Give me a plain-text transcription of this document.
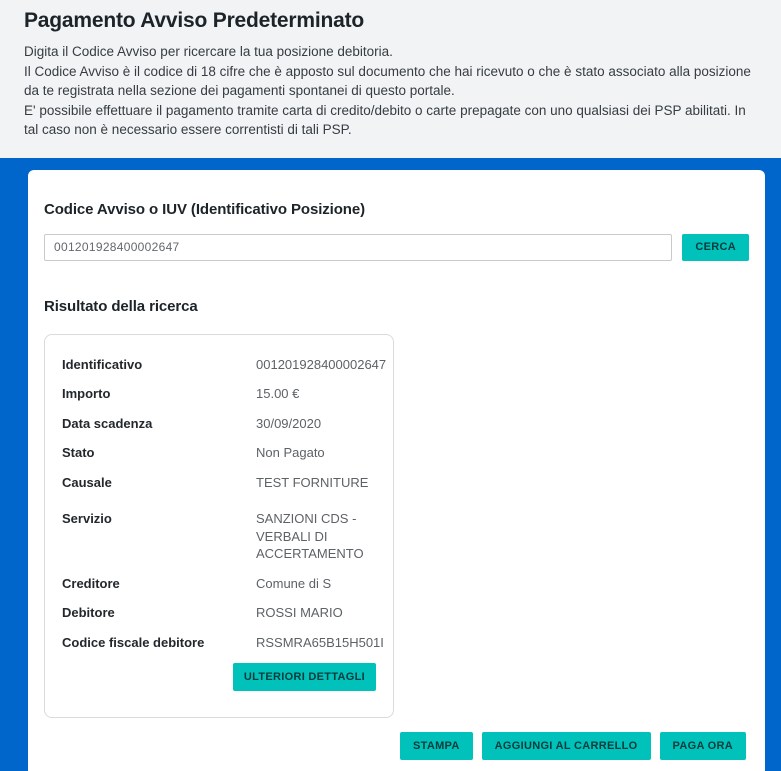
Pagamento Avviso Predeterminato
Digita il Codice Avviso per ricercare la tua posizione debitoria.
Il Codice Avviso è il codice di 18 cifre che è apposto sul documento che hai ricevuto o che è stato associato alla posizione da te registrata nella sezione dei pagamenti spontanei di questo portale.
E' possibile effettuare il pagamento tramite carta di credito/debito o carte prepagate con uno qualsiasi dei PSP abilitati. In tal caso non è necessario essere correntisti di tali PSP.
Codice Avviso o IUV (Identificativo Posizione)
001201928400002647
CERCA
Risultato della ricerca
Identificativo	001201928400002647
Importo	15.00 €
Data scadenza	30/09/2020
Stato	Non Pagato
Causale	TEST FORNITURE
Servizio	SANZIONI CDS - VERBALI DI ACCERTAMENTO
Creditore	Comune di S
Debitore	ROSSI MARIO
Codice fiscale debitore	RSSMRA65B15H501I
ULTERIORI DETTAGLI
STAMPA	AGGIUNGI AL CARRELLO	PAGA ORA
